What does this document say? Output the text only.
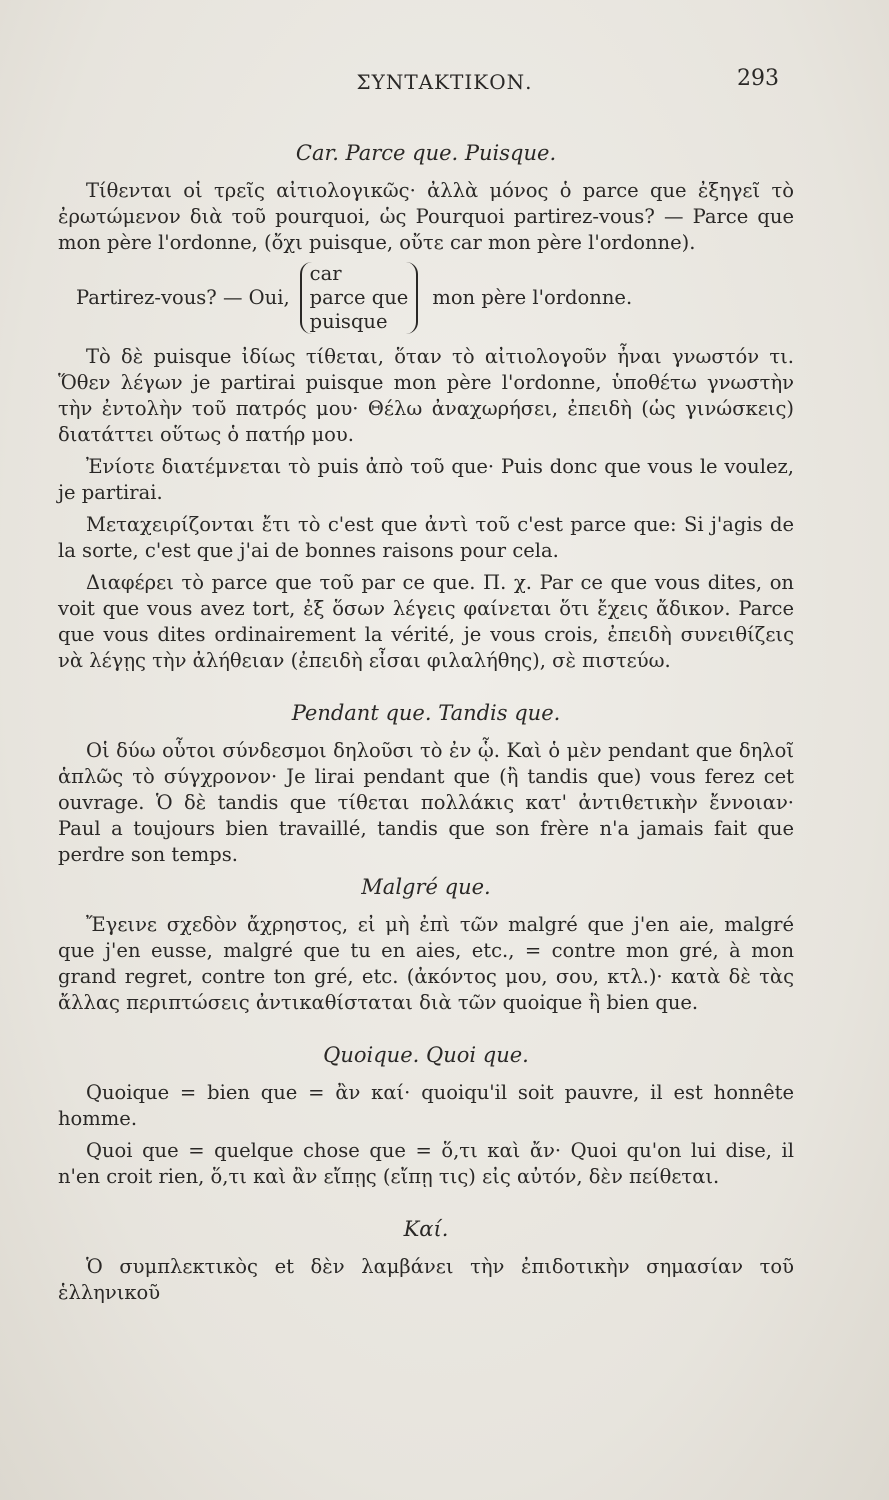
ΣΥΝΤΑΚΤΙΚΟΝ.	293
Car. Parce que. Puisque.

Τίθενται οἱ τρεῖς αἰτιολογικῶς· ἀλλὰ μόνος ὁ parce que ἐξηγεῖ τὸ ἐρωτώμενον διὰ τοῦ pourquoi, ὡς Pourquoi partirez-vous? — Parce que mon père l'ordonne, (ὄχι puisque, οὔτε car mon père l'ordonne).

Partirez-vous? — Oui,
car
parce que
puisque
mon père l'ordonne.

Τὸ δὲ puisque ἰδίως τίθεται, ὅταν τὸ αἰτιολογοῦν ἦναι γνωστόν τι. Ὅθεν λέγων je partirai puisque mon père l'ordonne, ὑποθέτω γνωστὴν τὴν ἐντολὴν τοῦ πατρός μου· Θέλω ἀναχωρήσει, ἐπειδὴ (ὡς γινώσκεις) διατάττει οὕτως ὁ πατήρ μου.

Ἐνίοτε διατέμνεται τὸ puis ἀπὸ τοῦ que· Puis donc que vous le voulez, je partirai.

Μεταχειρίζονται ἔτι τὸ c'est que ἀντὶ τοῦ c'est parce que: Si j'agis de la sorte, c'est que j'ai de bonnes raisons pour cela.

Διαφέρει τὸ parce que τοῦ par ce que. Π. χ. Par ce que vous dites, on voit que vous avez tort, ἐξ ὅσων λέγεις φαίνεται ὅτι ἔχεις ἄδικον. Parce que vous dites ordinairement la vérité, je vous crois, ἐπειδὴ συνειθίζεις νὰ λέγῃς τὴν ἀλήθειαν (ἐπειδὴ εἶσαι φιλαλήθης), σὲ πιστεύω.

Pendant que. Tandis que.

Οἱ δύω οὗτοι σύνδεσμοι δηλοῦσι τὸ ἐν ᾧ. Καὶ ὁ μὲν pendant que δηλοῖ ἁπλῶς τὸ σύγχρονον· Je lirai pendant que (ἢ tandis que) vous ferez cet ouvrage. Ὁ δὲ tandis que τίθεται πολλάκις κατ' ἀντιθετικὴν ἔννοιαν· Paul a toujours bien travaillé, tandis que son frère n'a jamais fait que perdre son temps.

Malgré que.

Ἔγεινε σχεδὸν ἄχρηστος, εἰ μὴ ἐπὶ τῶν malgré que j'en aie, malgré que j'en eusse, malgré que tu en aies, etc., = contre mon gré, à mon grand regret, contre ton gré, etc. (ἀκόντος μου, σου, κτλ.)· κατὰ δὲ τὰς ἄλλας περιπτώσεις ἀντικαθίσταται διὰ τῶν quoique ἢ bien que.

Quoique. Quoi que.

Quoique = bien que = ἂν καί· quoiqu'il soit pauvre, il est honnête homme.

Quoi que = quelque chose que = ὅ,τι καὶ ἄν· Quoi qu'on lui dise, il n'en croit rien, ὅ,τι καὶ ἂν εἴπῃς (εἴπῃ τις) εἰς αὐτόν, δὲν πείθεται.

Καί.

Ὁ συμπλεκτικὸς et δὲν λαμβάνει τὴν ἐπιδοτικὴν σημασίαν τοῦ ἑλληνικοῦ
